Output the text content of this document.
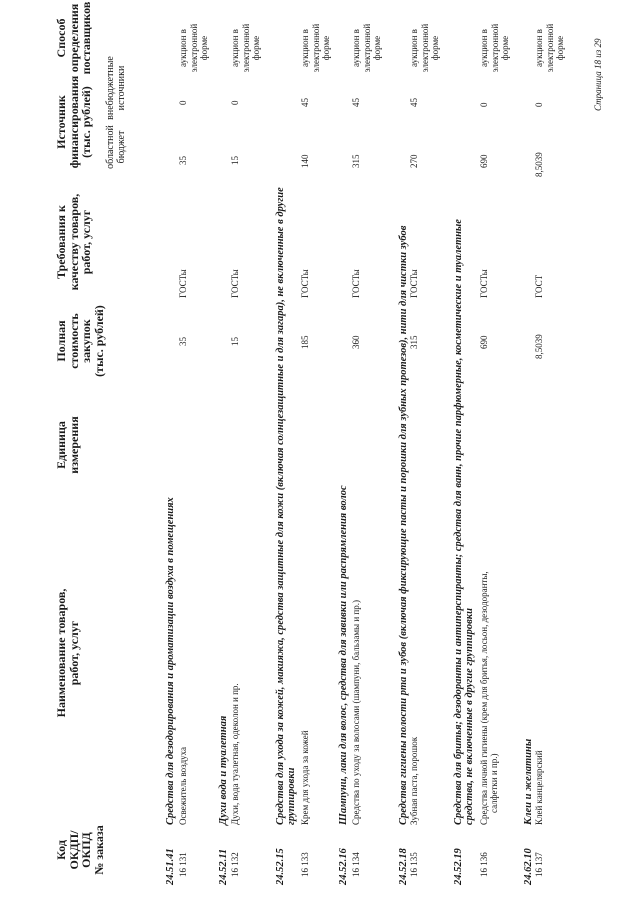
Код
ОКДП/
ОКПД
№ заказа
Наименование товаров,
работ, услуг
Единица
измерения
Полная
стоимость
закупок
(тыс. рублей)
Требования к
качеству товаров,
работ, услуг
Источник
финансирования
(тыс. рублей) областной бюджет
внебюджетные источники
Способ
определения
поставщиков
24.51.41
Средства для дезодорирования и ароматизации воздуха в помещениях
16 131
Освежитель воздуха
35
ГОСТы
35
0
аукцион в электронной форме
24.52.11
Духи вода и туалетная
16 132
Духи, вода туалетная, одеколон и пр.
15
ГОСТы
15
0
аукцион в электронной форме
24.52.15
Средства для ухода за кожей, макияжа, средства защитные для кожи (включая солнцезащитные и для загара), не включенные в другие группировки
16 133
Крем для ухода за кожей
185
ГОСТы
140
45
аукцион в электронной форме
24.52.16
Шампуни, лаки для волос, средства для завивки или распрямления волос
16 134
Средства по уходу за волосами (шампуни, бальзамы и пр.)
360
ГОСТы
315
45
аукцион в электронной форме
24.52.18
Средства гигиены полости рта и зубов (включая фиксирующие пасты и порошки для зубных протезов), нити для чистки зубов
16 135
Зубная паста, порошок
315
ГОСТы
270
45
аукцион в электронной форме
24.52.19
Средства для бритья; дезодоранты и антиперспиранты; средства для ванн, прочие парфюмерные, косметические и туалетные средства, не включенные в другие группировки
16 136
Средства личной гигиены (крем для бритья, лосьон, дезодоранты, салфетки и пр.)
690
ГОСТы
690
0
аукцион в электронной форме
24.62.10
Клеи и желатины
16 137
Клей канцелярский
8,5039
ГОСТ
8,5039
0
аукцион в электронной форме	Страница 18 из 29
